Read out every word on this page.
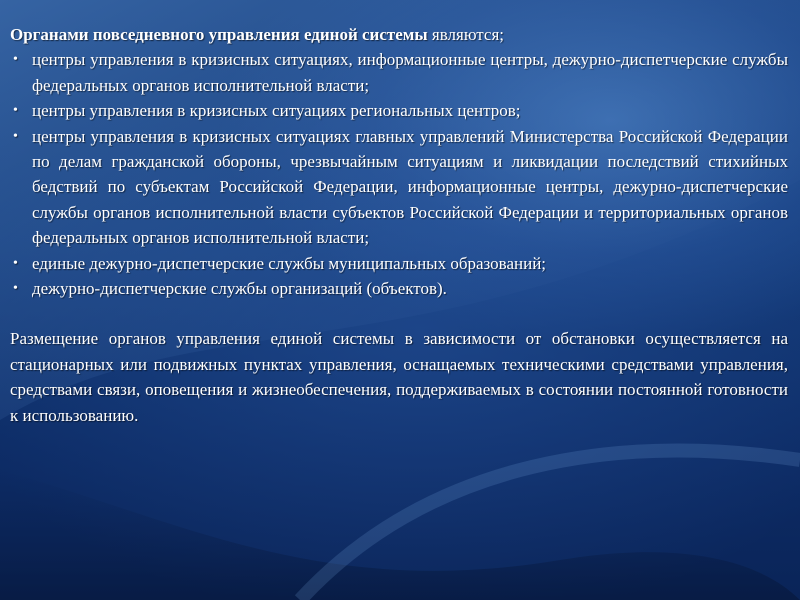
Органами повседневного управления единой системы являются;

• центры управления в кризисных ситуациях, информационные центры, дежурно-диспетчерские службы федеральных органов исполнительной власти;
• центры управления в кризисных ситуациях региональных центров;
• центры управления в кризисных ситуациях главных управлений Министерства Российской Федерации по делам гражданской обороны, чрезвычайным ситуациям и ликвидации последствий стихийных бедствий по субъектам Российской Федерации, информационные центры, дежурно-диспетчерские службы органов исполнительной власти субъектов Российской Федерации и территориальных органов федеральных органов исполнительной власти;
• единые дежурно-диспетчерские службы муниципальных образований;
• дежурно-диспетчерские службы организаций (объектов).

Размещение органов управления единой системы в зависимости от обстановки осуществляется на стационарных или подвижных пунктах управления, оснащаемых техническими средствами управления, средствами связи, оповещения и жизнеобеспечения, поддерживаемых в состоянии постоянной готовности к использованию.
